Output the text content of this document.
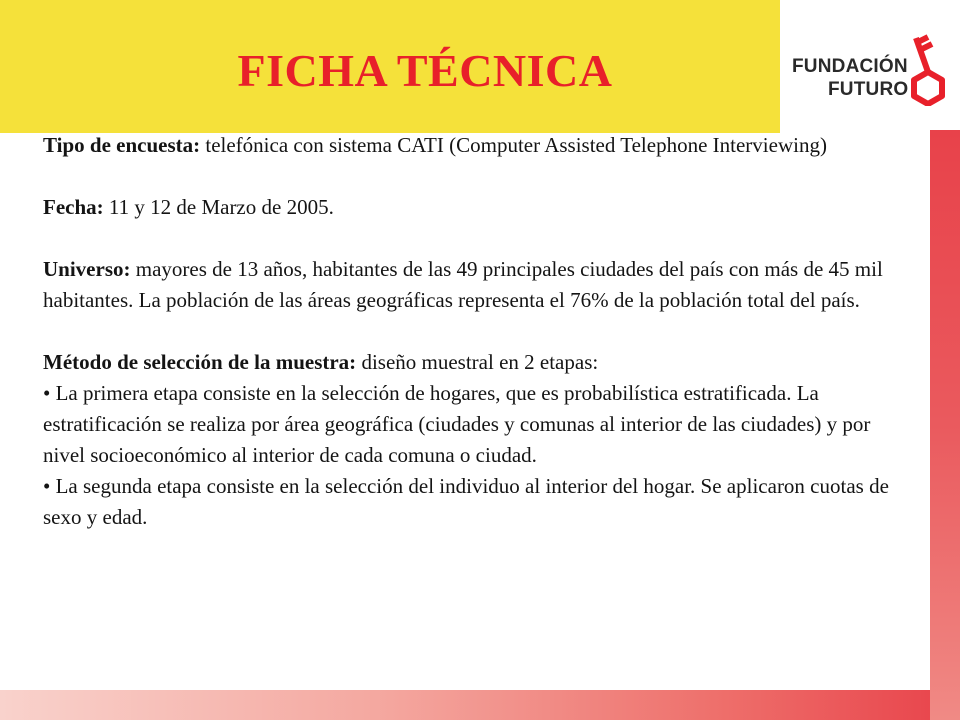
FICHA TÉCNICA	FUNDACIÓN
FUTURO

Tipo de encuesta: telefónica con sistema CATI (Computer Assisted Telephone Interviewing)

Fecha: 11 y 12 de Marzo de 2005.

Universo: mayores de 13 años, habitantes de las 49 principales ciudades del país con más de 45 mil habitantes. La población de las áreas geográficas representa el 76% de la población total del país.

Método de selección de la muestra: diseño muestral en 2 etapas:

• La primera etapa consiste en la selección de hogares, que es probabilística estratificada. La estratificación se realiza por área geográfica (ciudades y comunas al interior de las ciudades) y por nivel socioeconómico al interior de cada comuna o ciudad.

• La segunda etapa consiste en la selección del individuo al interior del hogar. Se aplicaron cuotas de sexo y edad.
